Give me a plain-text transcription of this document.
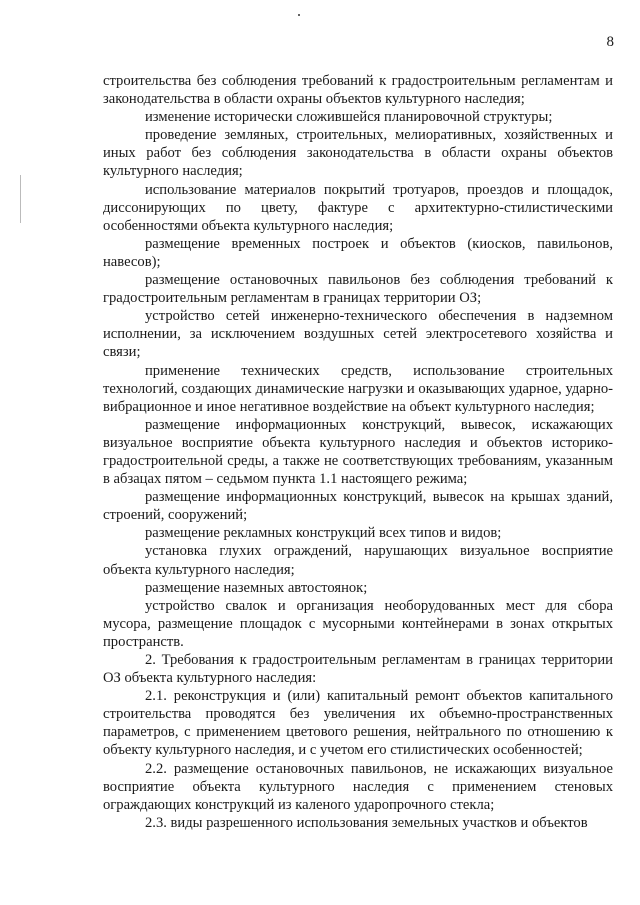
8

строительства без соблюдения требований к градостроительным регламентам и законодательства в области охраны объектов культурного наследия;

изменение исторически сложившейся планировочной структуры;

проведение земляных, строительных, мелиоративных, хозяйственных и иных работ без соблюдения законодательства в области охраны объектов культурного наследия;

использование материалов покрытий тротуаров, проездов и площадок, диссонирующих по цвету, фактуре с архитектурно-стилистическими особенностями объекта культурного наследия;

размещение временных построек и объектов (киосков, павильонов, навесов);

размещение остановочных павильонов без соблюдения требований к градостроительным регламентам в границах территории ОЗ;

устройство сетей инженерно-технического обеспечения в надземном исполнении, за исключением воздушных сетей электросетевого хозяйства и связи;

применение технических средств, использование строительных технологий, создающих динамические нагрузки и оказывающих ударное, ударно-вибрационное и иное негативное воздействие на объект культурного наследия;

размещение информационных конструкций, вывесок, искажающих визуальное восприятие объекта культурного наследия и объектов историко-градостроительной среды, а также не соответствующих требованиям, указанным в абзацах пятом – седьмом пункта 1.1 настоящего режима;

размещение информационных конструкций, вывесок на крышах зданий, строений, сооружений;

размещение рекламных конструкций всех типов и видов;

установка глухих ограждений, нарушающих визуальное восприятие объекта культурного наследия;

размещение наземных автостоянок;

устройство свалок и организация необорудованных мест для сбора мусора, размещение площадок с мусорными контейнерами в зонах открытых пространств.

2. Требования к градостроительным регламентам в границах территории ОЗ объекта культурного наследия:

2.1. реконструкция и (или) капитальный ремонт объектов капитального строительства проводятся без увеличения их объемно-пространственных параметров, с применением цветового решения, нейтрального по отношению к объекту культурного наследия, и с учетом его стилистических особенностей;

2.2. размещение остановочных павильонов, не искажающих визуальное восприятие объекта культурного наследия с применением стеновых ограждающих конструкций из каленого ударопрочного стекла;

2.3. виды разрешенного использования земельных участков и объектов
